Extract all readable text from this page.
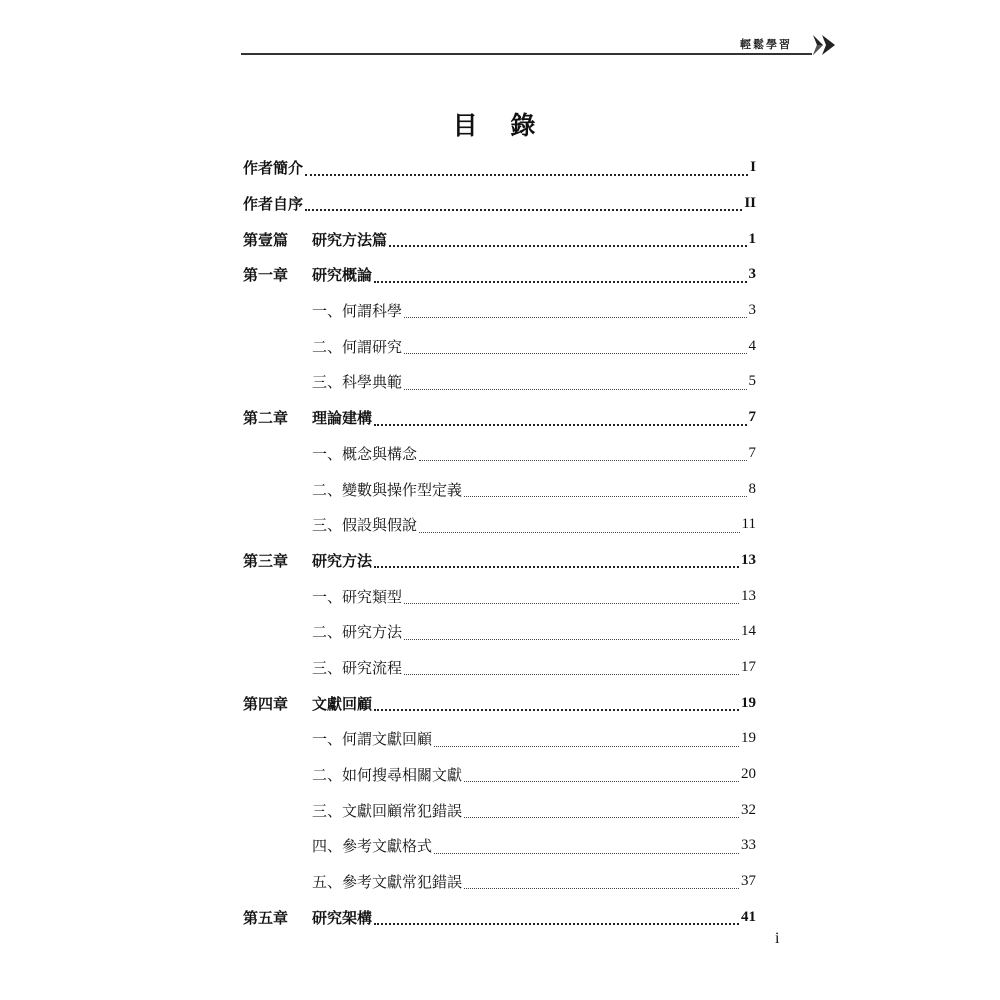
輕鬆學習
目 錄
作者簡介	I
作者自序	II
第壹篇	研究方法篇	1
第一章	研究概論	3
一、何謂科學	3
二、何謂研究	4
三、科學典範	5
第二章	理論建構	7
一、概念與構念	7
二、變數與操作型定義	8
三、假設與假說	11
第三章	研究方法	13
一、研究類型	13
二、研究方法	14
三、研究流程	17
第四章	文獻回顧	19
一、何謂文獻回顧	19
二、如何搜尋相關文獻	20
三、文獻回顧常犯錯誤	32
四、參考文獻格式	33
五、參考文獻常犯錯誤	37
第五章	研究架構	41
i
